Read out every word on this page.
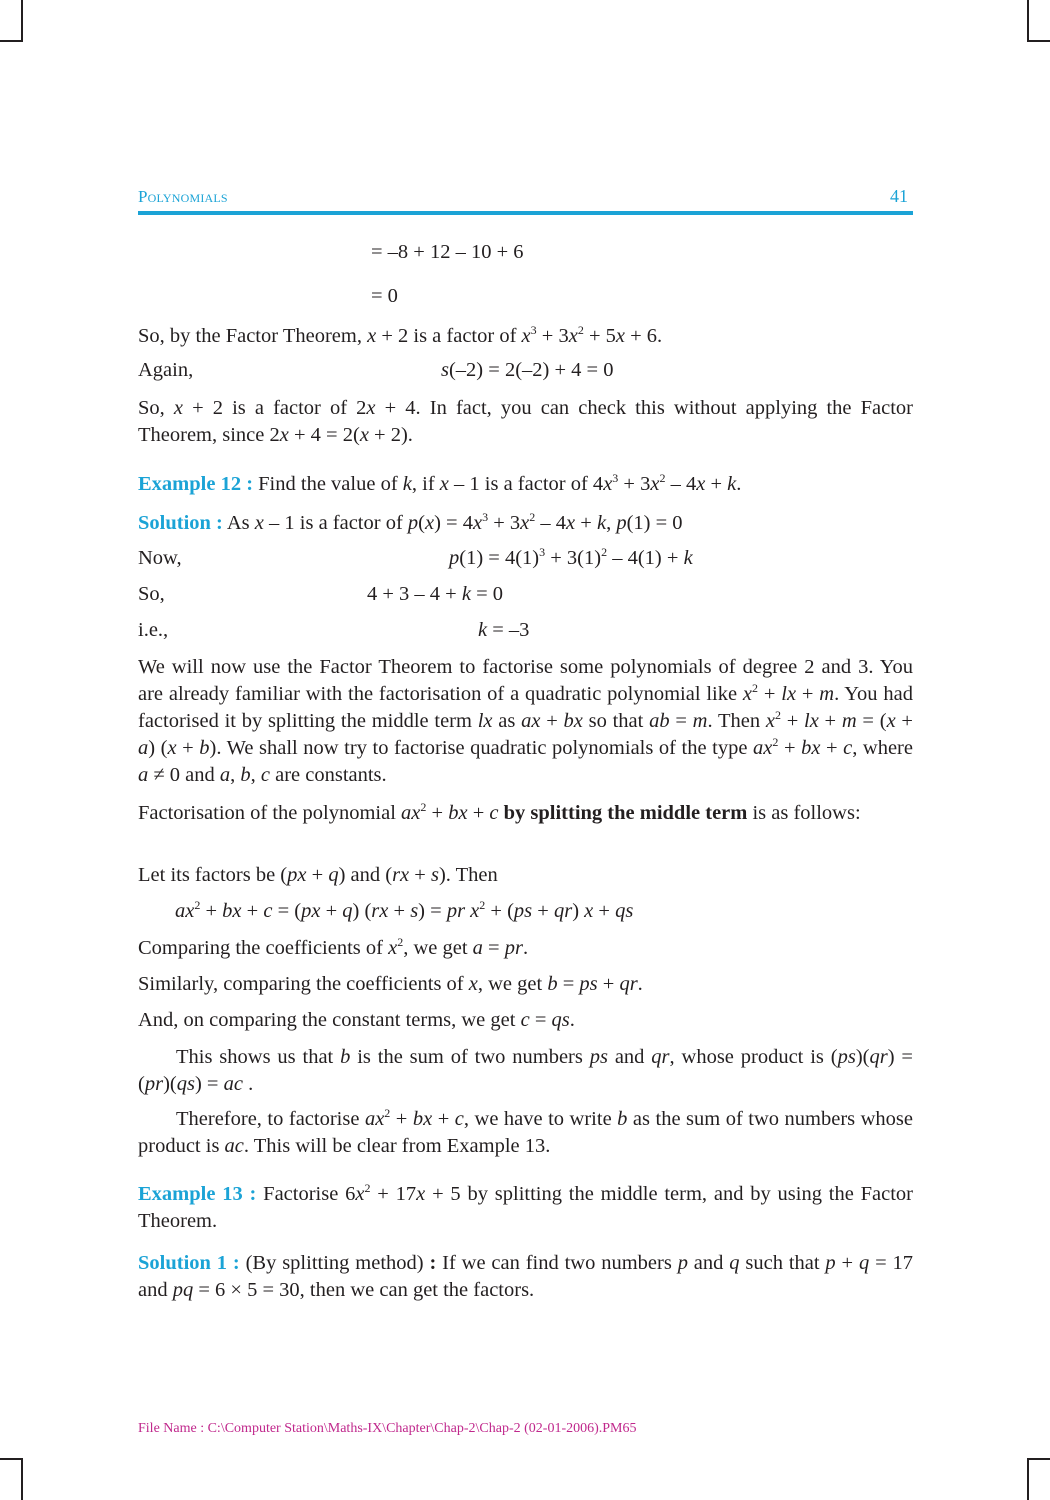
Polynomials	41
= –8 + 12 – 10 + 6
= 0
So, by the Factor Theorem, x + 2 is a factor of $x^3 + 3x^2 + 5x + 6$.
Again,	s(–2) = 2(–2) + 4 = 0
So, x + 2 is a factor of 2x + 4. In fact, you can check this without applying the Factor Theorem, since 2x + 4 = 2(x + 2).
Example 12 : Find the value of k, if x – 1 is a factor of $4x^3 + 3x^2 - 4x + k$.
Solution : As x – 1 is a factor of $p(x) = 4x^3 + 3x^2 - 4x + k$, p(1) = 0
Now,	$p(1) = 4(1)^3 + 3(1)^2 - 4(1) + k$
So,	4 + 3 – 4 + k = 0
i.e.,	k = –3
We will now use the Factor Theorem to factorise some polynomials of degree 2 and 3. You are already familiar with the factorisation of a quadratic polynomial like $x^2$ + lx + m. You had factorised it by splitting the middle term lx as ax + bx so that ab = m. Then $x^2$ + lx + m = (x + a) (x + b). We shall now try to factorise quadratic polynomials of the type $ax^2$ + bx + c, where a ≠ 0 and a, b, c are constants.
Factorisation of the polynomial $ax^2$ + bx + c by splitting the middle term is as follows:
Let its factors be (px + q) and (rx + s). Then
$ax^2$ + bx + c = (px + q) (rx + s) = pr $x^2 + (ps + qr) x$ + qs
Comparing the coefficients of $x^2$, we get a = pr.
Similarly, comparing the coefficients of x, we get b = ps + qr.
And, on comparing the constant terms, we get c = qs.
This shows us that b is the sum of two numbers ps and qr, whose product is (ps)(qr) = (pr)(qs) = ac .
Therefore, to factorise $ax^2$ + bx + c, we have to write b as the sum of two numbers whose product is ac. This will be clear from Example 13.
Example 13 : Factorise $6x^2 + 17x + 5$ by splitting the middle term, and by using the Factor Theorem.
Solution 1 : (By splitting method) : If we can find two numbers p and q such that p + q = 17 and pq = 6 × 5 = 30, then we can get the factors.
File Name : C:\Computer Station\Maths-IX\Chapter\Chap-2\Chap-2 (02-01-2006).PM65
